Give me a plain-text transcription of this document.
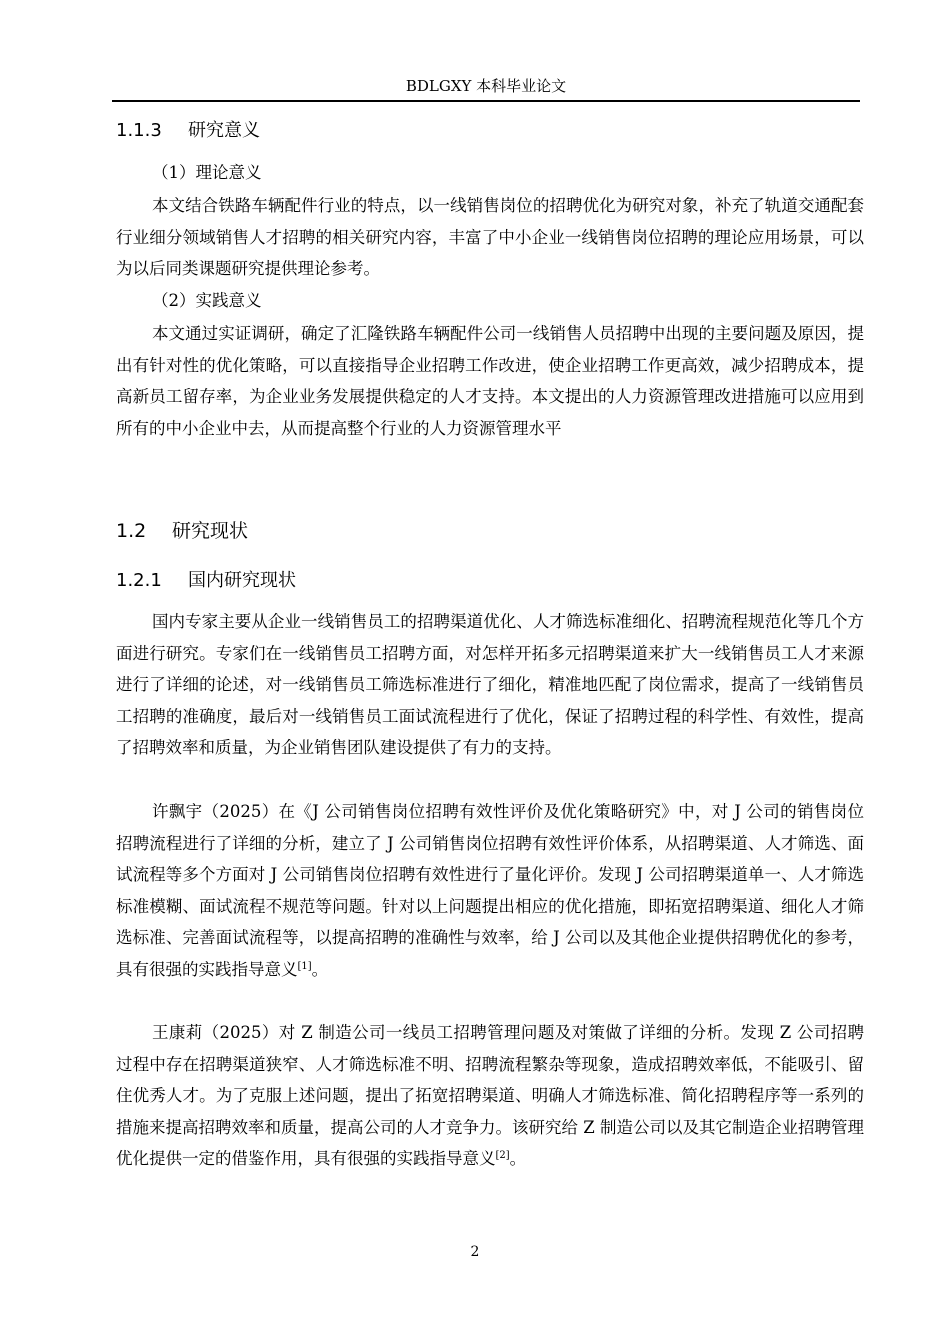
BDLGXY 本科毕业论文
1.1.3 研究意义
（1）理论意义

本文结合铁路车辆配件行业的特点，以一线销售岗位的招聘优化为研究对象，补充了轨道交通配套行业细分领域销售人才招聘的相关研究内容，丰富了中小企业一线销售岗位招聘的理论应用场景，可以为以后同类课题研究提供理论参考。

（2）实践意义

本文通过实证调研，确定了汇隆铁路车辆配件公司一线销售人员招聘中出现的主要问题及原因，提出有针对性的优化策略，可以直接指导企业招聘工作改进，使企业招聘工作更高效，减少招聘成本，提高新员工留存率，为企业业务发展提供稳定的人才支持。本文提出的人力资源管理改进措施可以应用到所有的中小企业中去，从而提高整个行业的人力资源管理水平

1.2 研究现状
1.2.1 国内研究现状

国内专家主要从企业一线销售员工的招聘渠道优化、人才筛选标准细化、招聘流程规范化等几个方面进行研究。专家们在一线销售员工招聘方面，对怎样开拓多元招聘渠道来扩大一线销售员工人才来源进行了详细的论述，对一线销售员工筛选标准进行了细化，精准地匹配了岗位需求，提高了一线销售员工招聘的准确度，最后对一线销售员工面试流程进行了优化，保证了招聘过程的科学性、有效性，提高了招聘效率和质量，为企业销售团队建设提供了有力的支持。

许飘宇（2025）在《J 公司销售岗位招聘有效性评价及优化策略研究》中，对 J 公司的销售岗位招聘流程进行了详细的分析，建立了 J 公司销售岗位招聘有效性评价体系，从招聘渠道、人才筛选、面试流程等多个方面对 J 公司销售岗位招聘有效性进行了量化评价。发现 J 公司招聘渠道单一、人才筛选标准模糊、面试流程不规范等问题。针对以上问题提出相应的优化措施，即拓宽招聘渠道、细化人才筛选标准、完善面试流程等，以提高招聘的准确性与效率，给 J 公司以及其他企业提供招聘优化的参考，具有很强的实践指导意义[1]。

王康莉（2025）对 Z 制造公司一线员工招聘管理问题及对策做了详细的分析。发现 Z 公司招聘过程中存在招聘渠道狭窄、人才筛选标准不明、招聘流程繁杂等现象，造成招聘效率低，不能吸引、留住优秀人才。为了克服上述问题，提出了拓宽招聘渠道、明确人才筛选标准、简化招聘程序等一系列的措施来提高招聘效率和质量，提高公司的人才竞争力。该研究给 Z 制造公司以及其它制造企业招聘管理优化提供一定的借鉴作用，具有很强的实践指导意义[2]。

2
